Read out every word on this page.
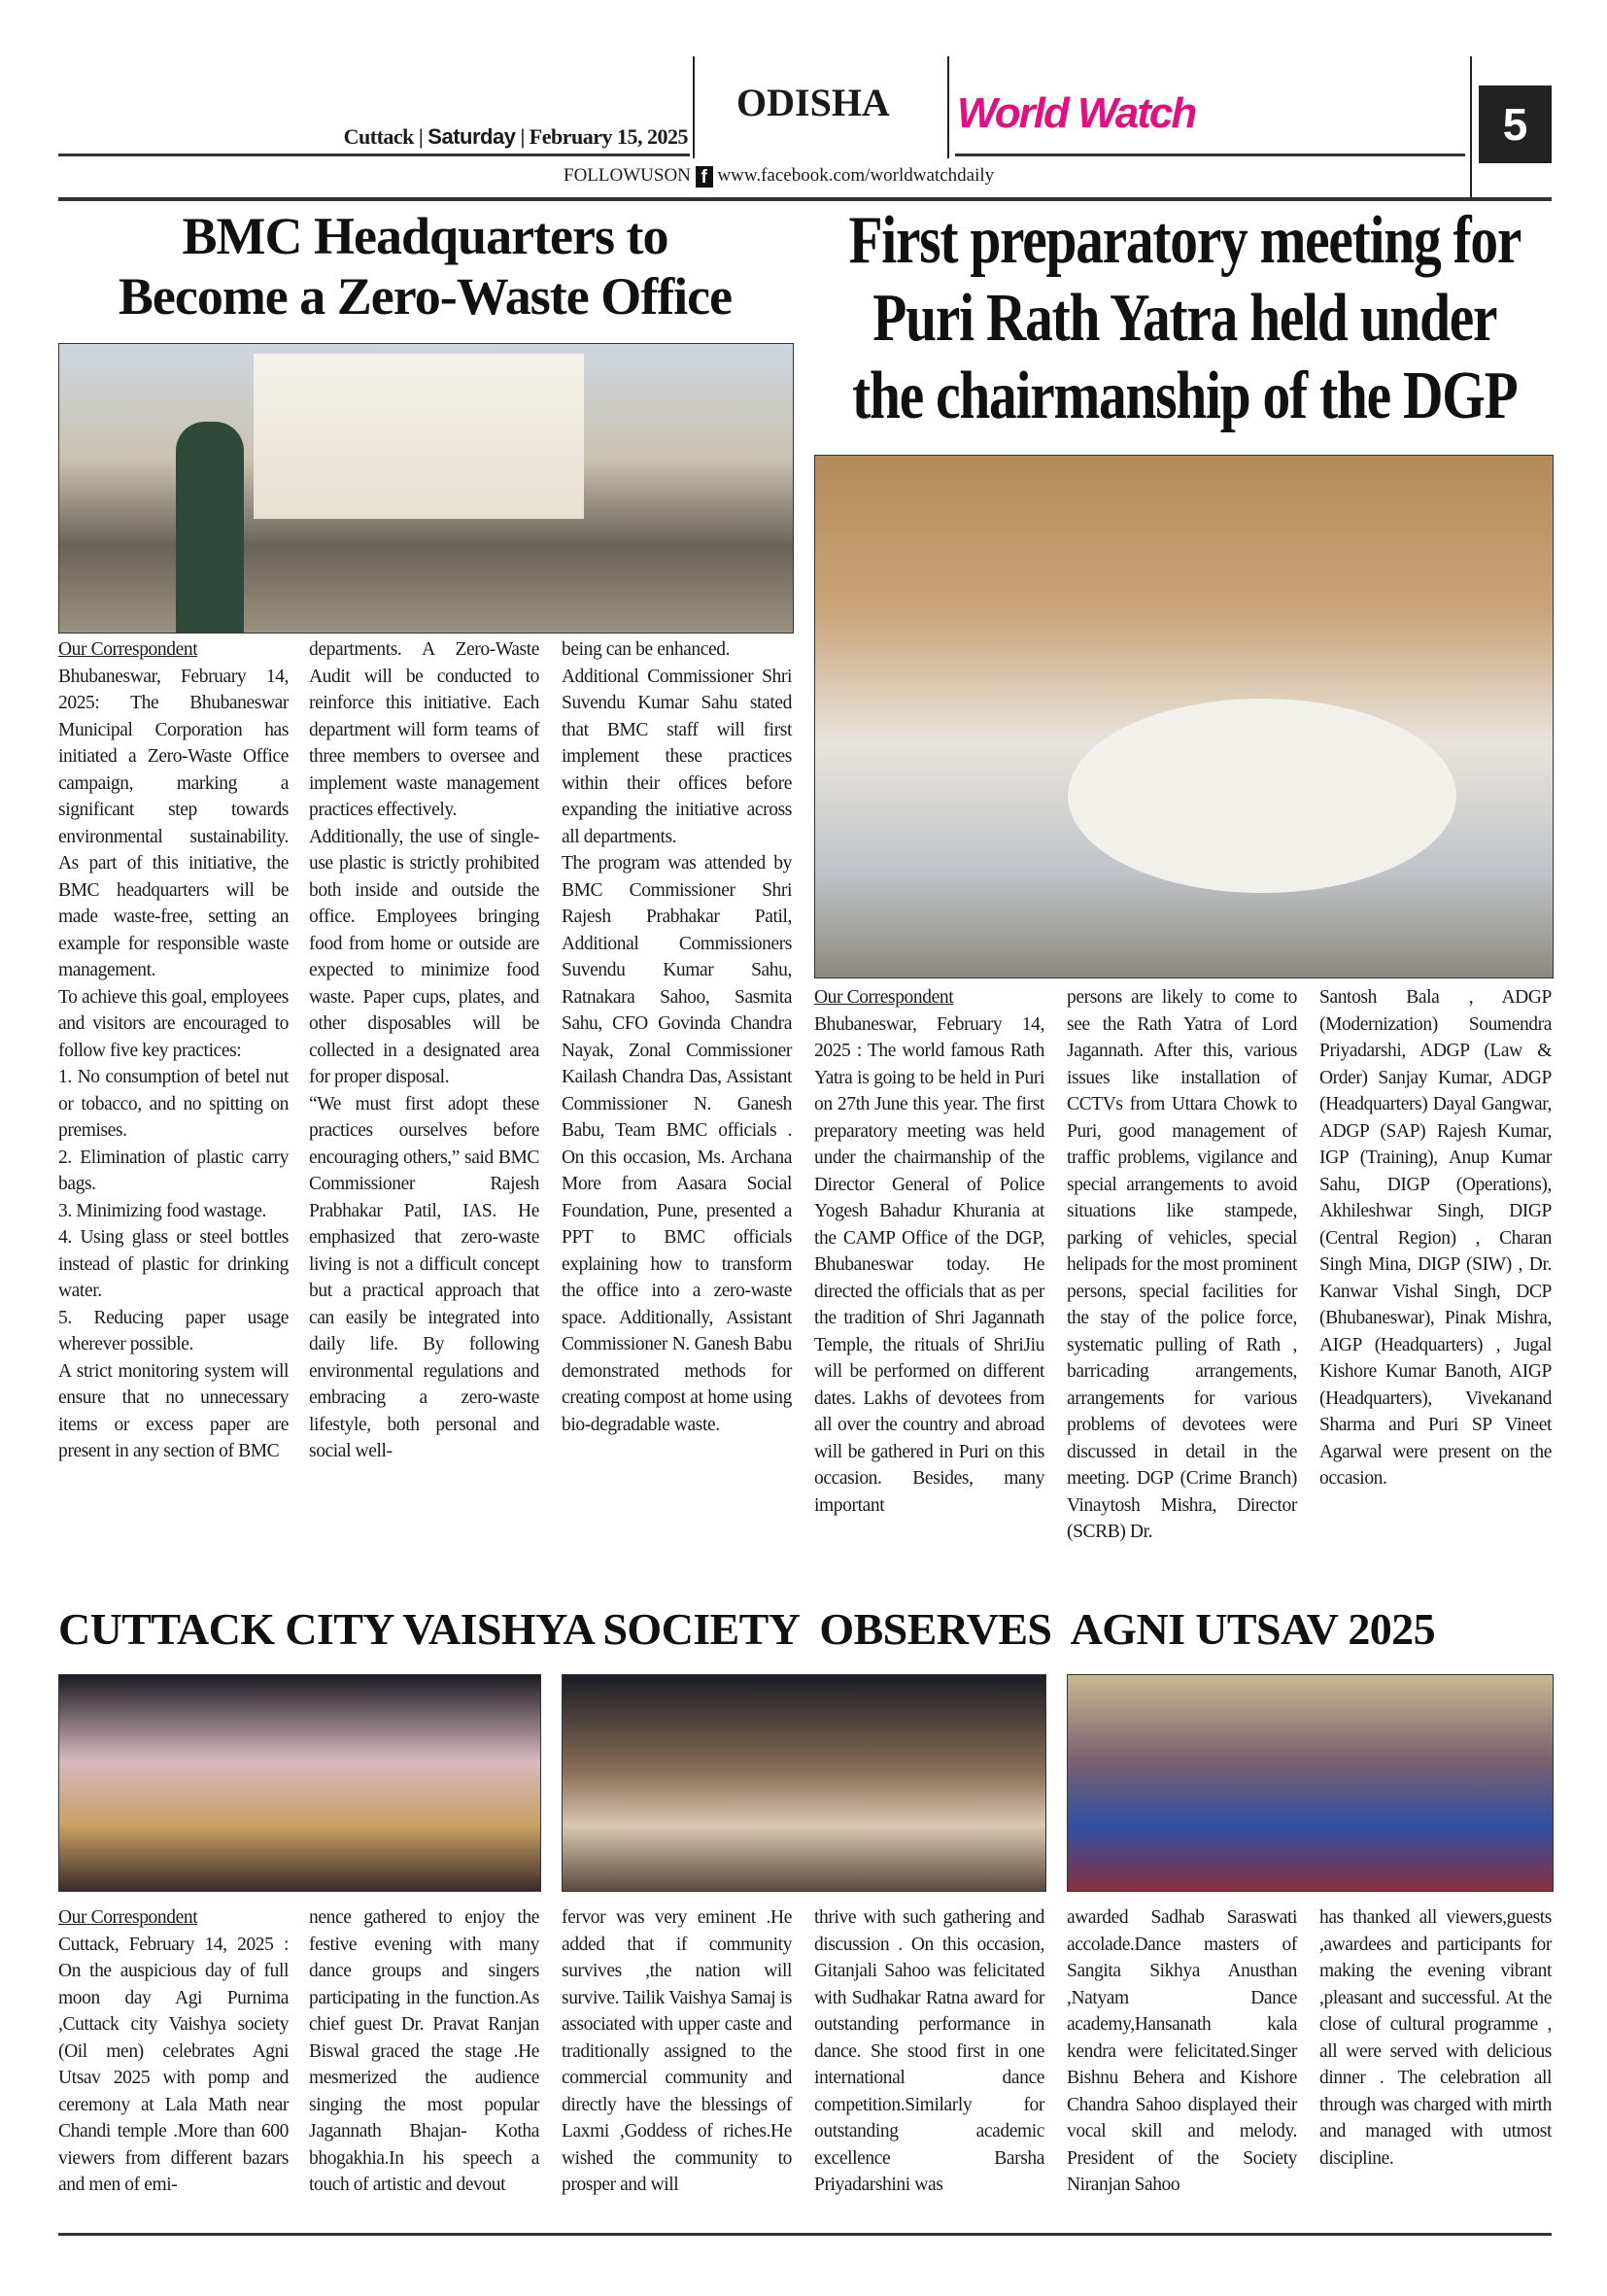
Cuttack | Saturday | February 15, 2025
ODISHA World Watch	5
FOLLOWUSON f www.facebook.com/worldwatchdaily
BMC Headquarters to
Become a Zero-Waste Office

Our Correspondent

Bhubaneswar, February 14, 2025: The Bhubaneswar Municipal Corporation has initiated a Zero-Waste Office campaign, marking a significant step towards environmental sustainability. As part of this initiative, the BMC headquarters will be made waste-free, setting an example for responsible waste management.

To achieve this goal, employees and visitors are encouraged to follow five key practices:

1. No consumption of betel nut or tobacco, and no spitting on premises.

2. Elimination of plastic carry bags.

3. Minimizing food wastage.

4. Using glass or steel bottles instead of plastic for drinking water.

5. Reducing paper usage wherever possible.

A strict monitoring system will ensure that no unnecessary items or excess paper are present in any section of BMC

departments. A Zero-Waste Audit will be conducted to reinforce this initiative. Each department will form teams of three members to oversee and implement waste management practices effectively.

Additionally, the use of single-use plastic is strictly prohibited both inside and outside the office. Employees bringing food from home or outside are expected to minimize food waste. Paper cups, plates, and other disposables will be collected in a designated area for proper disposal.

“We must first adopt these practices ourselves before encouraging others,” said BMC Commissioner Rajesh Prabhakar Patil, IAS. He emphasized that zero-waste living is not a difficult concept but a practical approach that can easily be integrated into daily life. By following environmental regulations and embracing a zero-waste lifestyle, both personal and social well-

being can be enhanced.

Additional Commissioner Shri Suvendu Kumar Sahu stated that BMC staff will first implement these practices within their offices before expanding the initiative across all departments.

The program was attended by BMC Commissioner Shri Rajesh Prabhakar Patil, Additional Commissioners Suvendu Kumar Sahu, Ratnakara Sahoo, Sasmita Sahu, CFO Govinda Chandra Nayak, Zonal Commissioner Kailash Chandra Das, Assistant Commissioner N. Ganesh Babu, Team BMC officials . On this occasion, Ms. Archana More from Aasara Social Foundation, Pune, presented a PPT to BMC officials explaining how to transform the office into a zero-waste space. Additionally, Assistant Commissioner N. Ganesh Babu demonstrated methods for creating compost at home using bio-degradable waste.

First preparatory meeting for
Puri Rath Yatra held under
the chairmanship of the DGP

Our Correspondent

Bhubaneswar, February 14, 2025 : The world famous Rath Yatra is going to be held in Puri on 27th June this year. The first preparatory meeting was held under the chairmanship of the Director General of Police Yogesh Bahadur Khurania at the CAMP Office of the DGP, Bhubaneswar today. He directed the officials that as per the tradition of Shri Jagannath Temple, the rituals of ShriJiu will be performed on different dates. Lakhs of devotees from all over the country and abroad will be gathered in Puri on this occasion. Besides, many important

persons are likely to come to see the Rath Yatra of Lord Jagannath. After this, various issues like installation of CCTVs from Uttara Chowk to Puri, good management of traffic problems, vigilance and special arrangements to avoid situations like stampede, parking of vehicles, special helipads for the most prominent persons, special facilities for the stay of the police force, systematic pulling of Rath , barricading arrangements, arrangements for various problems of devotees were discussed in detail in the meeting. DGP (Crime Branch) Vinaytosh Mishra, Director (SCRB) Dr.

Santosh Bala , ADGP (Modernization) Soumendra Priyadarshi, ADGP (Law & Order) Sanjay Kumar, ADGP (Headquarters) Dayal Gangwar, ADGP (SAP) Rajesh Kumar, IGP (Training), Anup Kumar Sahu, DIGP (Operations), Akhileshwar Singh, DIGP (Central Region) , Charan Singh Mina, DIGP (SIW) , Dr. Kanwar Vishal Singh, DCP (Bhubaneswar), Pinak Mishra, AIGP (Headquarters) , Jugal Kishore Kumar Banoth, AIGP (Headquarters), Vivekanand Sharma and Puri SP Vineet Agarwal were present on the occasion.

CUTTACK CITY VAISHYA SOCIETY  OBSERVES  AGNI UTSAV 2025

Our Correspondent

Cuttack, February 14, 2025 : On the auspicious day of full moon day Agi Purnima ,Cuttack city Vaishya society (Oil men) celebrates Agni Utsav 2025 with pomp and ceremony at Lala Math near Chandi temple .More than 600 viewers from different bazars and men of emi-

nence gathered to enjoy the festive evening with many dance groups and singers participating in the function.As chief guest Dr. Pravat Ranjan Biswal graced the stage .He mesmerized the audience singing the most popular Jagannath Bhajan- Kotha bhogakhia.In his speech a touch of artistic and devout

fervor was very eminent .He added that if community survives ,the nation will survive. Tailik Vaishya Samaj is associated with upper caste and traditionally assigned to the commercial community and directly have the blessings of Laxmi ,Goddess of riches.He wished the community to prosper and will

thrive with such gathering and discussion . On this occasion, Gitanjali Sahoo was felicitated with Sudhakar Ratna award for outstanding performance in dance. She stood first in one international dance competition.Similarly for outstanding academic excellence Barsha Priyadarshini was

awarded Sadhab Saraswati accolade.Dance masters of Sangita Sikhya Anusthan ,Natyam Dance academy,Hansanath kala kendra were felicitated.Singer Bishnu Behera and Kishore Chandra Sahoo displayed their vocal skill and melody. President of the Society Niranjan Sahoo

has thanked all viewers,guests ,awardees and participants for making the evening vibrant ,pleasant and successful. At the close of cultural programme , all were served with delicious dinner . The celebration all through was charged with mirth and managed with utmost discipline.
